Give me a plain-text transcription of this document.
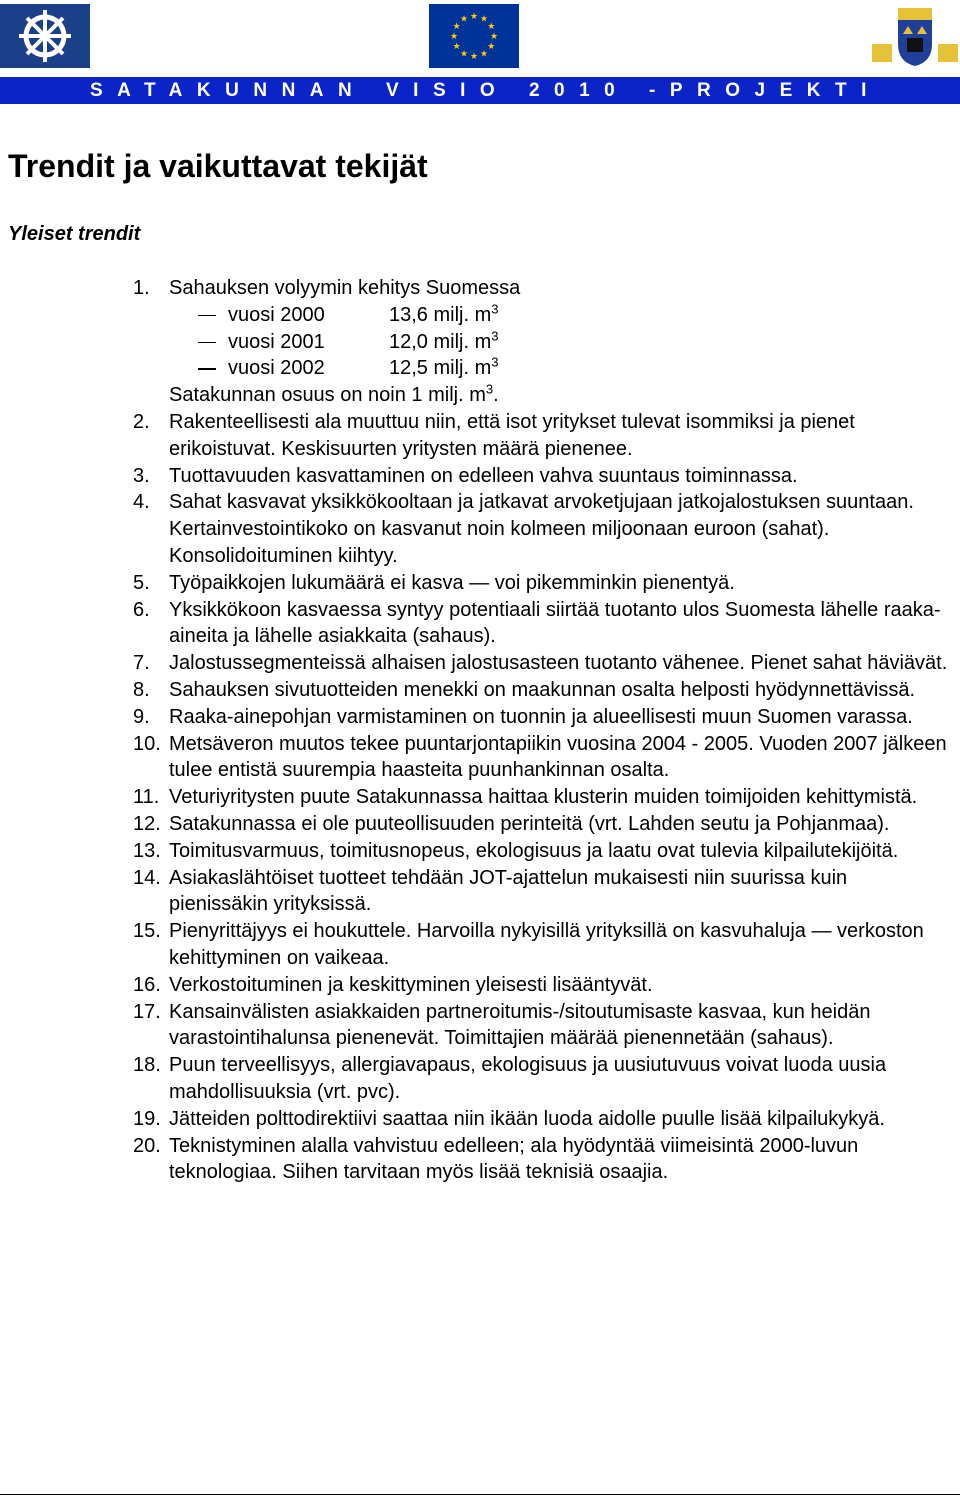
★ ★
★
★
★
★
★
★
★
★
★
★
SATAKUNNAN VISIO 2010 -PROJEKTI
Trendit ja vaikuttavat tekijät
Yleiset trendit
1. Sahauksen volyymin kehitys Suomessa
vuosi 2000	13,6 milj. $m^3$
vuosi 2001	12,0 milj. $m^3$
vuosi 2002	12,5 milj. $m^3$
Satakunnan osuus on noin 1 milj. $m^3$.
2. Rakenteellisesti ala muuttuu niin, että isot yritykset tulevat isommiksi ja pienet erikoistuvat. Keskisuurten yritysten määrä pienenee.
3. Tuottavuuden kasvattaminen on edelleen vahva suuntaus toiminnassa.
4. Sahat kasvavat yksikkökooltaan ja jatkavat arvoketjujaan jatkojalostuksen suuntaan. Kertainvestointikoko on kasvanut noin kolmeen miljoonaan euroon (sahat). Konsolidoituminen kiihtyy.
5. Työpaikkojen lukumäärä ei kasva — voi pikemminkin pienentyä.
6. Yksikkökoon kasvaessa syntyy potentiaali siirtää tuotanto ulos Suomesta lähelle raaka-aineita ja lähelle asiakkaita (sahaus).
7. Jalostussegmenteissä alhaisen jalostusasteen tuotanto vähenee. Pienet sahat häviävät.
8. Sahauksen sivutuotteiden menekki on maakunnan osalta helposti hyödynnettävissä.
9. Raaka-ainepohjan varmistaminen on tuonnin ja alueellisesti muun Suomen varassa.
10. Metsäveron muutos tekee puuntarjontapiikin vuosina 2004 - 2005. Vuoden 2007 jälkeen tulee entistä suurempia haasteita puunhankinnan osalta.
11. Veturiyritysten puute Satakunnassa haittaa klusterin muiden toimijoiden kehittymistä.
12. Satakunnassa ei ole puuteollisuuden perinteitä (vrt. Lahden seutu ja Pohjanmaa).
13. Toimitusvarmuus, toimitusnopeus, ekologisuus ja laatu ovat tulevia kilpailutekijöitä.
14. Asiakaslähtöiset tuotteet tehdään JOT-ajattelun mukaisesti niin suurissa kuin pienissäkin yrityksissä.
15. Pienyrittäjyys ei houkuttele. Harvoilla nykyisillä yrityksillä on kasvuhaluja — verkoston kehittyminen on vaikeaa.
16. Verkostoituminen ja keskittyminen yleisesti lisääntyvät.
17. Kansainvälisten asiakkaiden partneroitumis-/sitoutumisaste kasvaa, kun heidän varastointihalunsa pienenevät. Toimittajien määrää pienennetään (sahaus).
18. Puun terveellisyys, allergiavapaus, ekologisuus ja uusiutuvuus voivat luoda uusia mahdollisuuksia (vrt. pvc).
19. Jätteiden polttodirektiivi saattaa niin ikään luoda aidolle puulle lisää kilpailukykyä.
20. Teknistyminen alalla vahvistuu edelleen; ala hyödyntää viimeisintä 2000-luvun teknologiaa. Siihen tarvitaan myös lisää teknisiä osaajia.
